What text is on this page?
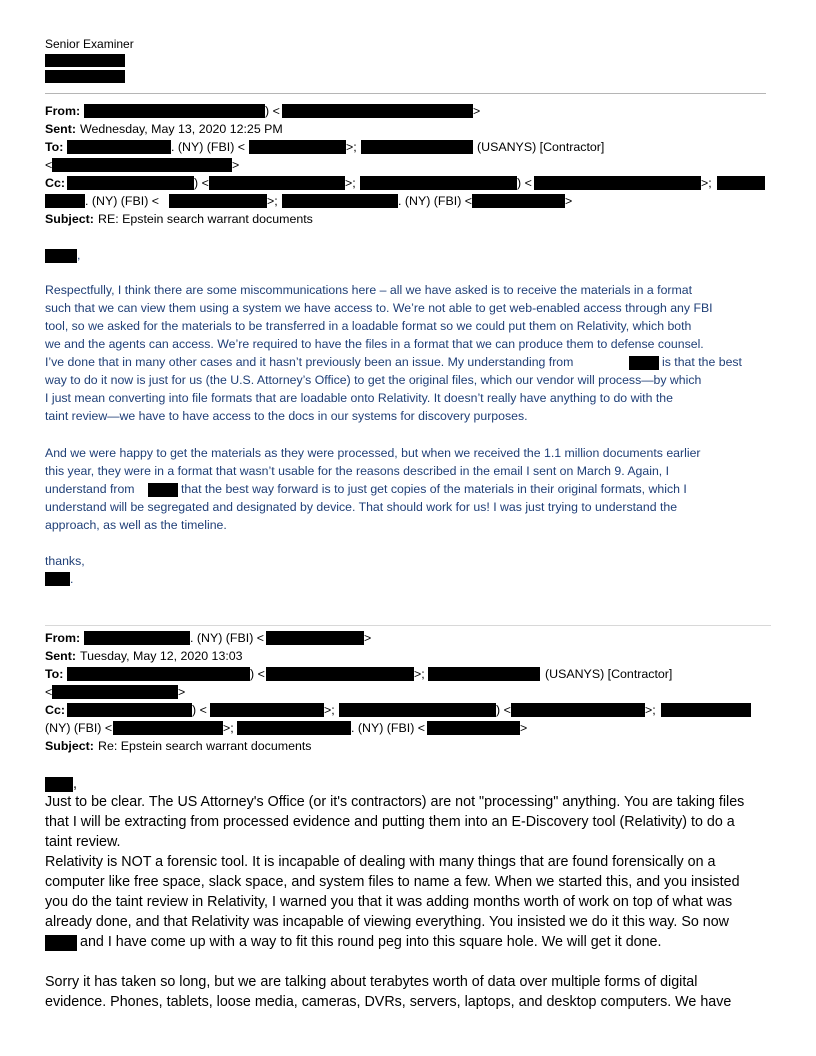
Senior Examiner
From:	) <	>
Sent: Wednesday, May 13, 2020 12:25 PM
To:	. (NY) (FBI) <	>;	(USANYS) [Contractor]
<	>
Cc:	) <	>;	) <	>;
. (NY) (FBI) <	>;	. (NY) (FBI) <	>
Subject: RE: Epstein search warrant documents
,
Respectfully, I think there are some miscommunications here – all we have asked is to receive the materials in a format
such that we can view them using a system we have access to. We’re not able to get web-enabled access through any FBI
tool, so we asked for the materials to be transferred in a loadable format so we could put them on Relativity, which both
we and the agents can access. We’re required to have the files in a format that we can produce them to defense counsel.
I’ve done that in many other cases and it hasn’t previously been an issue. My understanding from	is that the best
way to do it now is just for us (the U.S. Attorney’s Office) to get the original files, which our vendor will process—by which
I just mean converting into file formats that are loadable onto Relativity. It doesn’t really have anything to do with the
taint review—we have to have access to the docs in our systems for discovery purposes.
And we were happy to get the materials as they were processed, but when we received the 1.1 million documents earlier
this year, they were in a format that wasn’t usable for the reasons described in the email I sent on March 9. Again, I
understand from	that the best way forward is to just get copies of the materials in their original formats, which I
understand will be segregated and designated by device. That should work for us! I was just trying to understand the
approach, as well as the timeline.
thanks,
.
From:	. (NY) (FBI) <	>
Sent: Tuesday, May 12, 2020 13:03
To:	) <	>;	(USANYS) [Contractor]
<	>
Cc:	) <	>;	) <	>;
(NY) (FBI) <	>;	. (NY) (FBI) <	>
Subject: Re: Epstein search warrant documents
,
Just to be clear. The US Attorney's Office (or it's contractors) are not "processing" anything. You are taking files
that I will be extracting from processed evidence and putting them into an E-Discovery tool (Relativity) to do a
taint review.
Relativity is NOT a forensic tool. It is incapable of dealing with many things that are found forensically on a
computer like free space, slack space, and system files to name a few. When we started this, and you insisted
you do the taint review in Relativity, I warned you that it was adding months worth of work on top of what was
already done, and that Relativity was incapable of viewing everything. You insisted we do it this way. So now
and I have come up with a way to fit this round peg into this square hole. We will get it done.
Sorry it has taken so long, but we are talking about terabytes worth of data over multiple forms of digital
evidence. Phones, tablets, loose media, cameras, DVRs, servers, laptops, and desktop computers. We have
